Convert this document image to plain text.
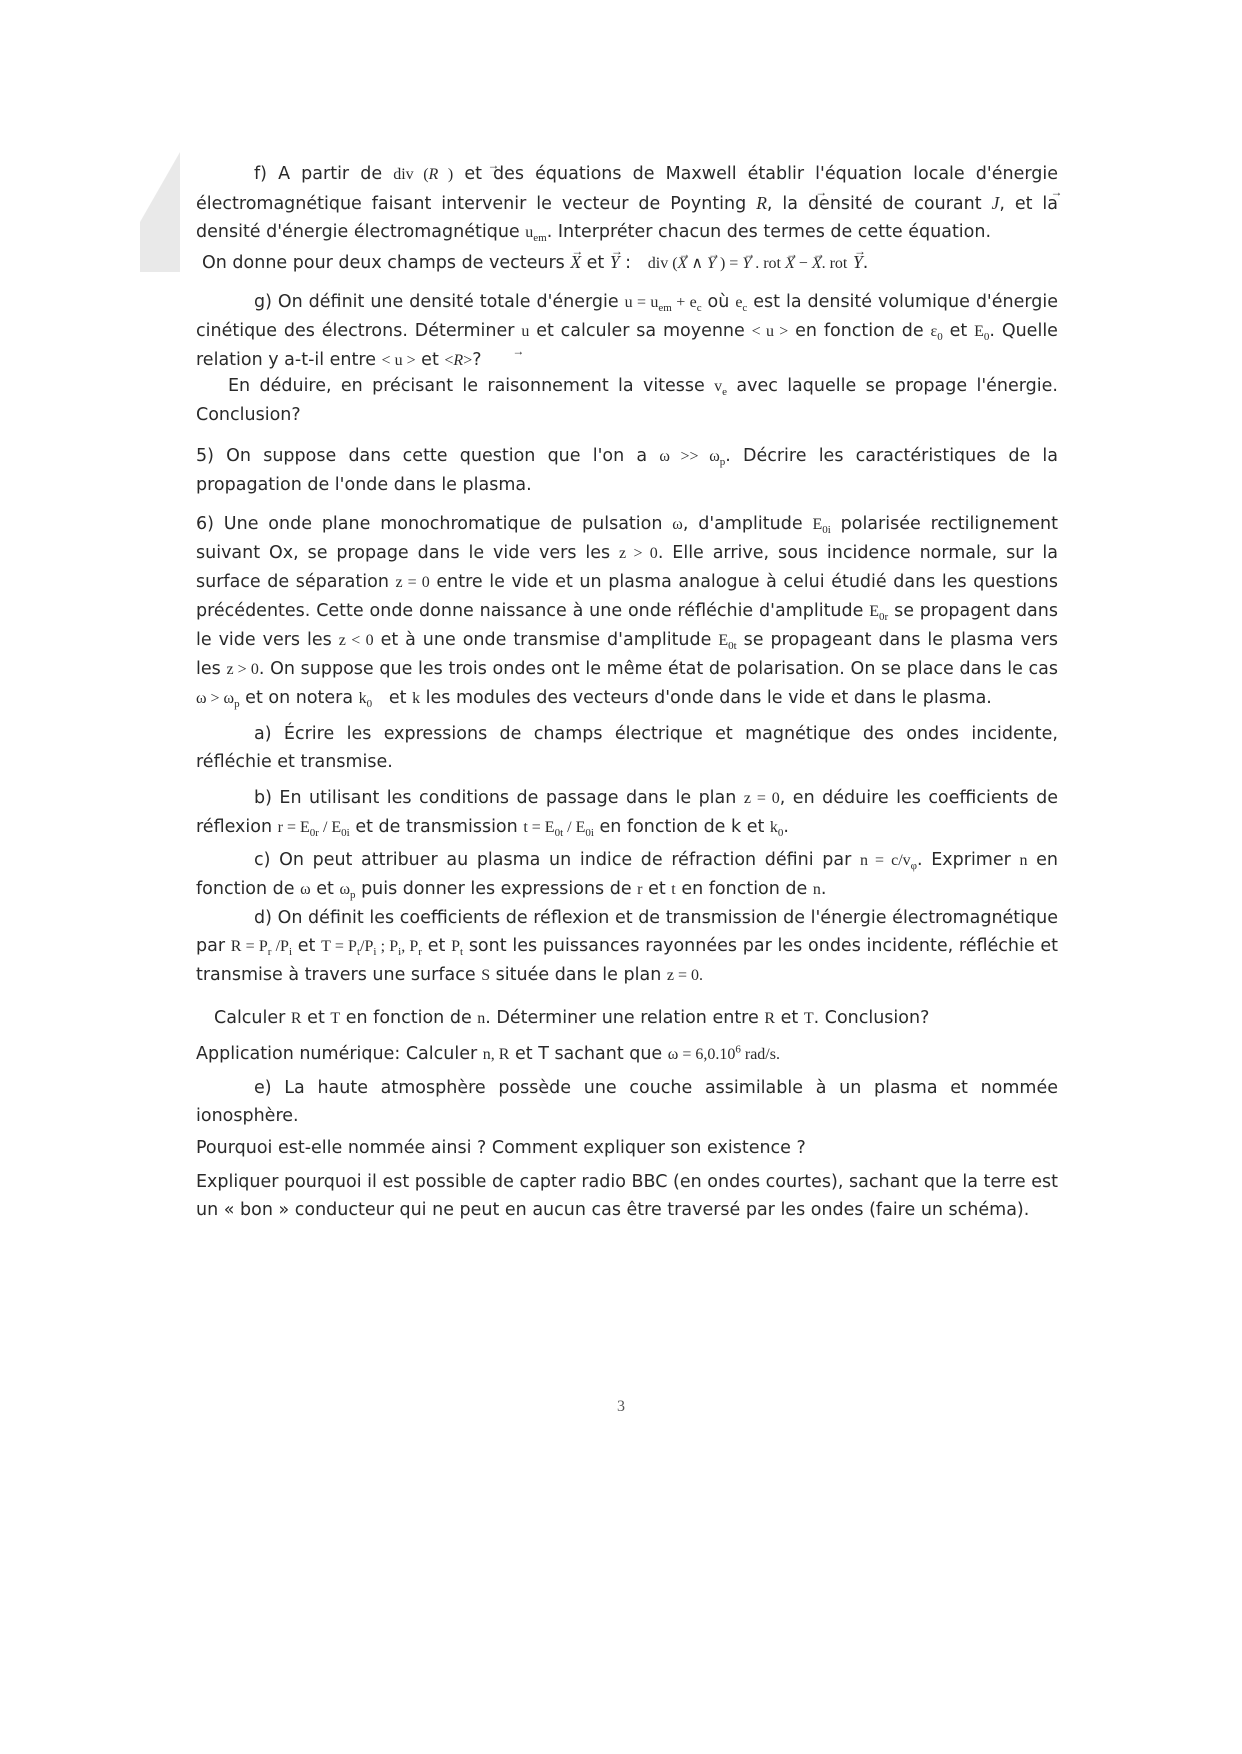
f) A partir de div (→ R ) et des équations de Maxwell établir l'équation locale d'énergie électromagnétique faisant intervenir le vecteur de Poynting → R, la densité de courant → J, et la densité d'énergie électromagnétique $u_{em}$. Interpréter chacun des termes de cette équation.

On donne pour deux champs de vecteurs → X et → Y :   div (→ X ∧ → Y ) = → Y . rot → X − → X. rot → Y.

g) On définit une densité totale d'énergie $u = u_{em} + e_c$ où $e_c$ est la densité volumique d'énergie cinétique des électrons. Déterminer u et calculer sa moyenne < u > en fonction de $\varepsilon_0$ et $E_0$. Quelle relation y a-t-il entre < u > et <→ R>?

En déduire, en précisant le raisonnement la vitesse $v_e$ avec laquelle se propage l'énergie. Conclusion?

5) On suppose dans cette question que l'on a $\omega >> \omega_p$. Décrire les caractéristiques de la propagation de l'onde dans le plasma.

6) Une onde plane monochromatique de pulsation ω, d'amplitude $E_{0i}$ polarisée rectilignement suivant Ox, se propage dans le vide vers les z > 0. Elle arrive, sous incidence normale, sur la surface de séparation z = 0 entre le vide et un plasma analogue à celui étudié dans les questions précédentes. Cette onde donne naissance à une onde réfléchie d'amplitude $E_{0r}$ se propagent dans le vide vers les z < 0 et à une onde transmise d'amplitude $E_{0t}$ se propageant dans le plasma vers les z > 0. On suppose que les trois ondes ont le même état de polarisation. On se place dans le cas $\omega > \omega_p$ et on notera $k_0$ et k les modules des vecteurs d'onde dans le vide et dans le plasma.

a) Écrire les expressions de champs électrique et magnétique des ondes incidente, réfléchie et transmise.

b) En utilisant les conditions de passage dans le plan z = 0, en déduire les coefficients de réflexion $r = E_{0r} / E_{0i}$ et de transmission $t = E_{0t} / E_{0i}$ en fonction de k et $k_0$.

c) On peut attribuer au plasma un indice de réfraction défini par $n = c/v_\varphi$. Exprimer n en fonction de ω et $\omega_p$ puis donner les expressions de r et t en fonction de n.

d) On définit les coefficients de réflexion et de transmission de l'énergie électromagnétique par $R = P_r$ $/P_i$ et $T = P_t/P_i$ ; $P_i$, $P_r$ et $P_t$ sont les puissances rayonnées par les ondes incidente, réfléchie et transmise à travers une surface S située dans le plan z = 0.

Calculer R et T en fonction de n. Déterminer une relation entre R et T. Conclusion?

Application numérique: Calculer n, R et T sachant que $\omega = 6,0.10^6$ rad/s.

e) La haute atmosphère possède une couche assimilable à un plasma et nommée ionosphère.

Pourquoi est-elle nommée ainsi ? Comment expliquer son existence ?

Expliquer pourquoi il est possible de capter radio BBC (en ondes courtes), sachant que la terre est un « bon » conducteur qui ne peut en aucun cas être traversé par les ondes (faire un schéma).

3
